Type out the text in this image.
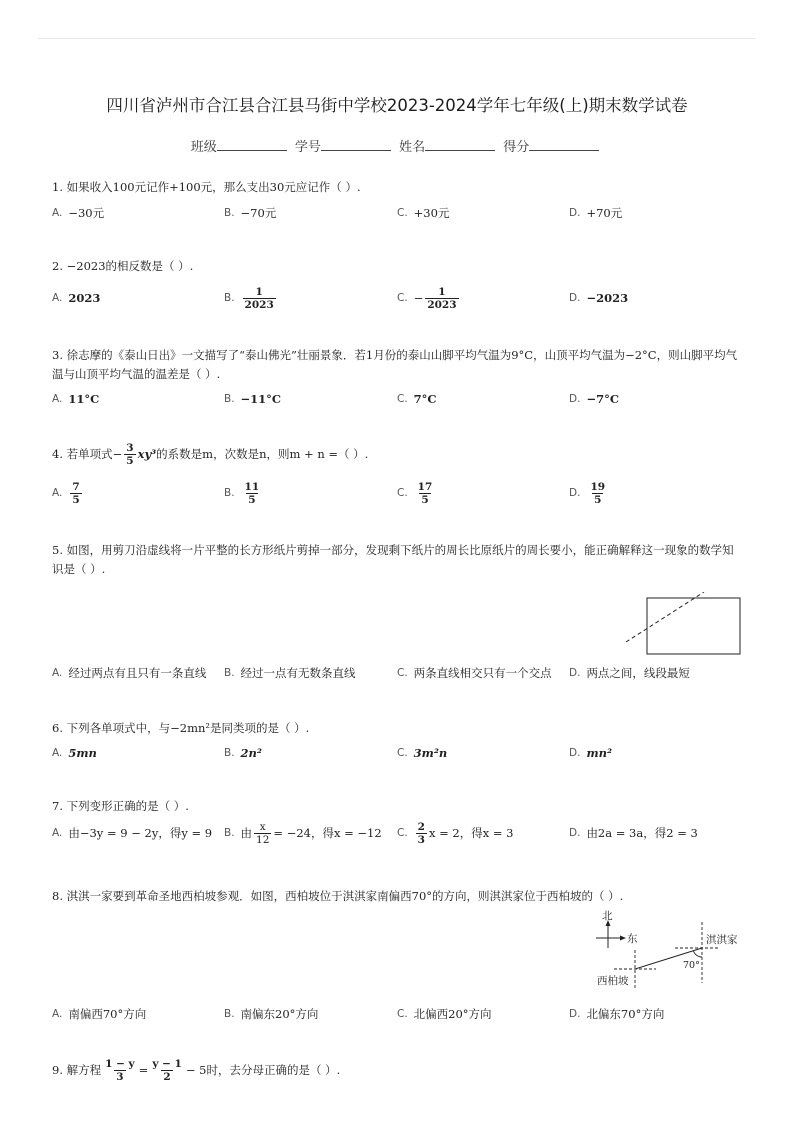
四川省泸州市合江县合江县马街中学校2023-2024学年七年级(上)期末数学试卷
班级	学号	姓名	得分
1. 如果收入100元记作+100元，那么支出30元应记作（ ）.
A. −30元	B. −70元	C. +30元	D. +70元
2. −2023的相反数是（ ）.
A. 2023	B. $\frac{1}{2023}$	C. − $\frac{1}{2023}$	D. −2023
3. 徐志摩的《泰山日出》一文描写了“泰山佛光”壮丽景象．若1月份的泰山山脚平均气温为9°C，山顶平均气温为−2°C，则山脚平均气温与山顶平均气温的温差是（ ）.
A. 11°C	B. −11°C	C. 7°C	D. −7°C
4. 若单项式 − $\frac{3}{5} xy^3$ 的系数是m，次数是n，则m + n =（ ）.
A. $\frac{7}{5}$	B. $\frac{11}{5}$	C. $\frac{17}{5}$	D. $\frac{19}{5}$
5. 如图，用剪刀沿虚线将一片平整的长方形纸片剪掉一部分，发现剩下纸片的周长比原纸片的周长要小，能正确解释这一现象的数学知识是（ ）.
A. 经过两点有且只有一条直线 B. 经过一点有无数条直线	C. 两条直线相交只有一个交点 D. 两点之间，线段最短
6. 下列各单项式中，与−2mn²是同类项的是（ ）.
A. 5mn	B. 2n²	C. 3m²n	D. mn²
7. 下列变形正确的是（ ）.
A. 由−3y = 9 − 2y，得y = 9 B. 由 $\frac{x}{12} = -24$，得x = −12 C. $\frac{2}{3}$ x = 2，得x = 3	D. 由2a = 3a，得2 = 3
8. 淇淇一家要到革命圣地西柏坡参观．如图，西柏坡位于淇淇家南偏西70°的方向，则淇淇家位于西柏坡的（ ）.
北
东	淇淇家
西柏坡
70°
A. 南偏西70°方向	B. 南偏东20°方向	C. 北偏西20°方向	D. 北偏东70°方向
9. 解方程 $\frac{1 - y}{3} = \frac{y - 1}{2} - 5$时，去分母正确的是（ ）.
